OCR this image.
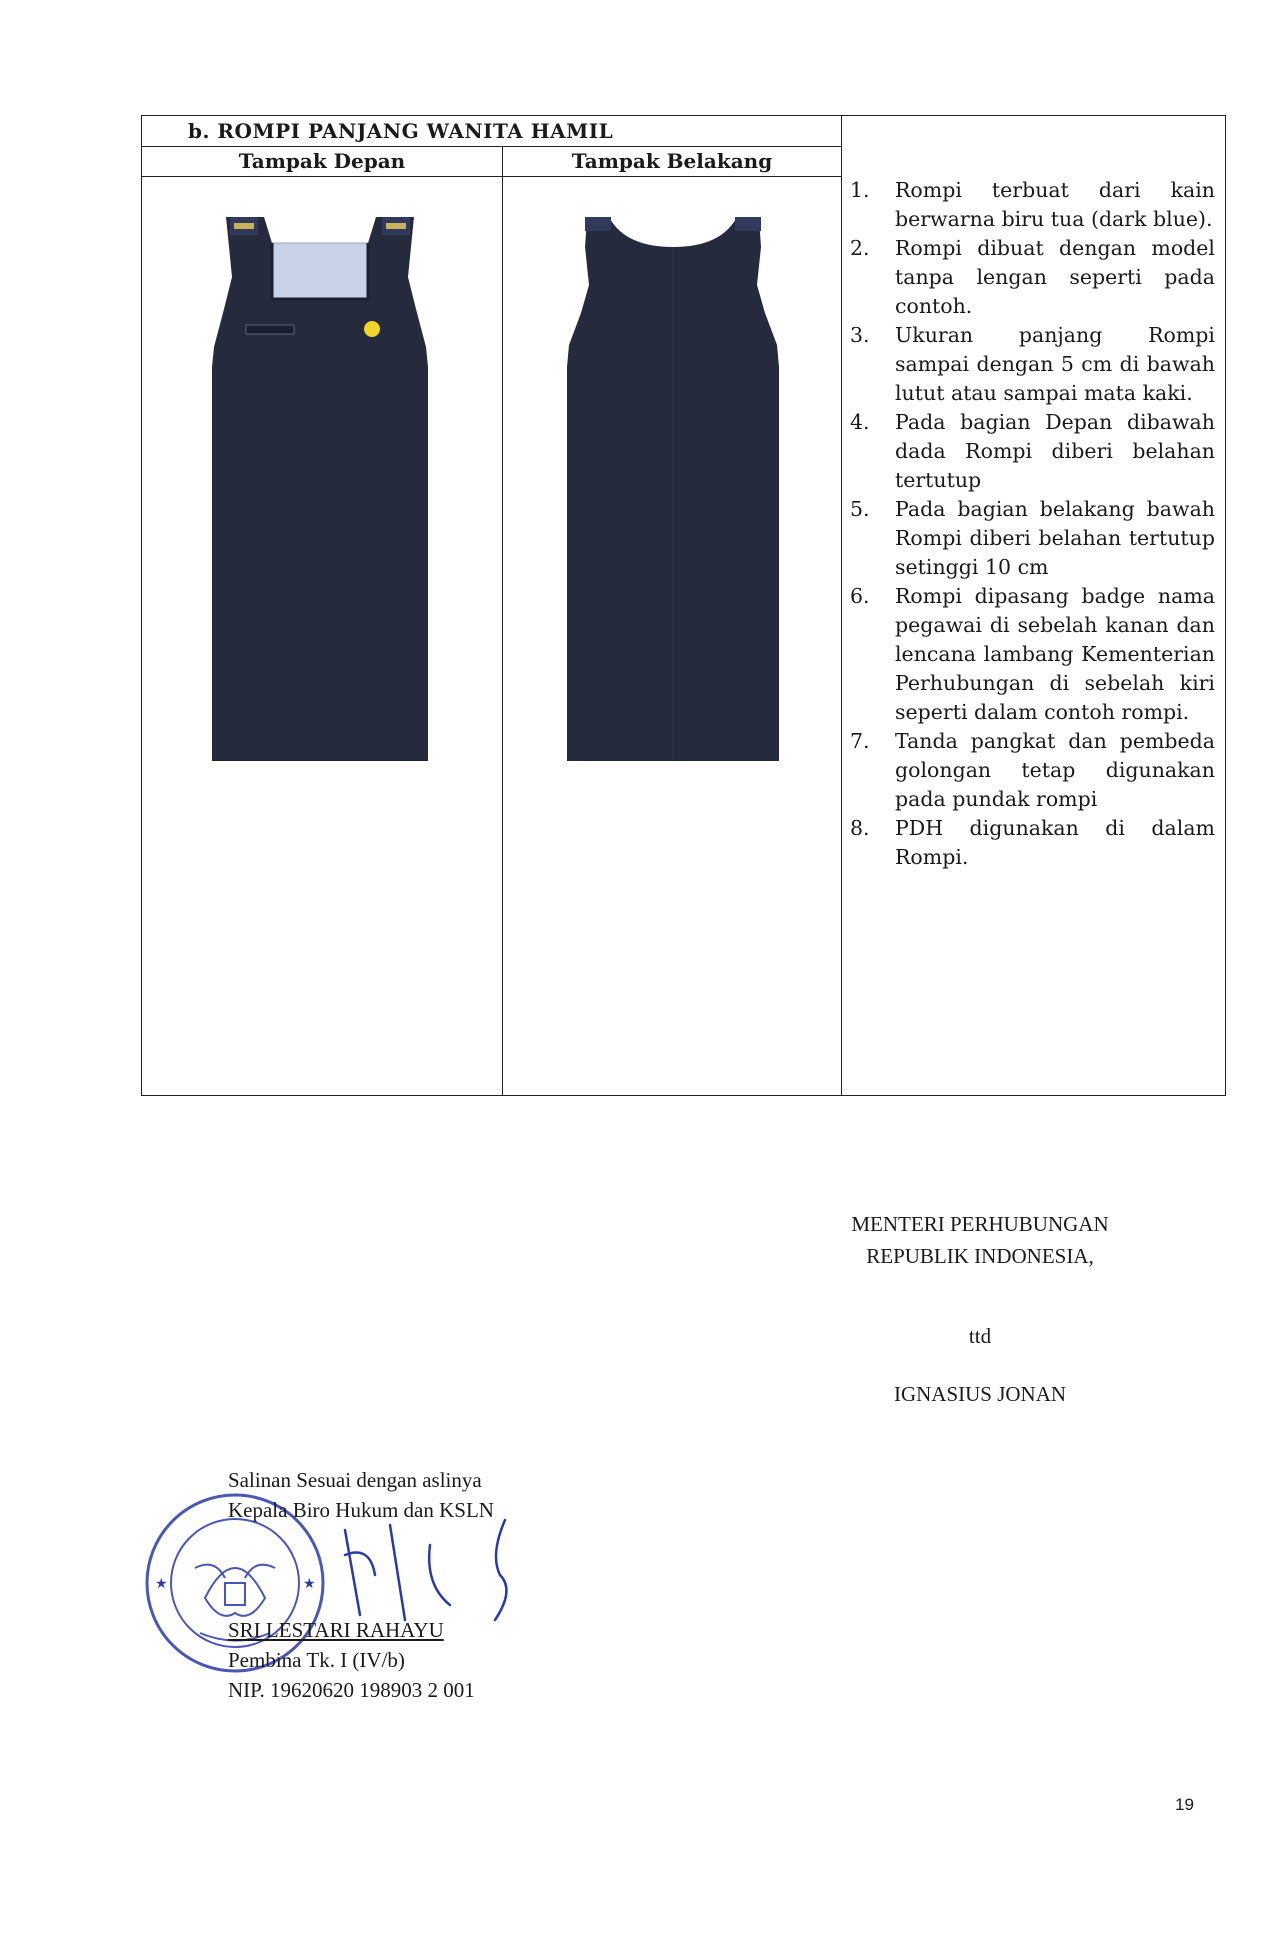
b. ROMPI PANJANG WANITA HAMIL
Tampak Depan	Tampak Belakang
1. Rompi terbuat dari kain berwarna biru tua (dark blue).
2. Rompi dibuat dengan model tanpa lengan seperti pada contoh.
3. Ukuran panjang Rompi sampai dengan 5 cm di bawah lutut atau sampai mata kaki.
4. Pada bagian Depan dibawah dada Rompi diberi belahan tertutup
5. Pada bagian belakang bawah Rompi diberi belahan tertutup setinggi 10 cm
6. Rompi dipasang badge nama pegawai di sebelah kanan dan lencana lambang Kementerian Perhubungan di sebelah kiri seperti dalam contoh rompi.
7. Tanda pangkat dan pembeda golongan tetap digunakan pada pundak rompi
8. PDH digunakan di dalam Rompi.
MENTERI PERHUBUNGAN
REPUBLIK INDONESIA,
ttd
IGNASIUS JONAN
★	★
Salinan Sesuai dengan aslinya
Kepala Biro Hukum dan KSLN
SRI LESTARI RAHAYU
Pembina Tk. I (IV/b)
NIP. 19620620 198903 2 001
19
